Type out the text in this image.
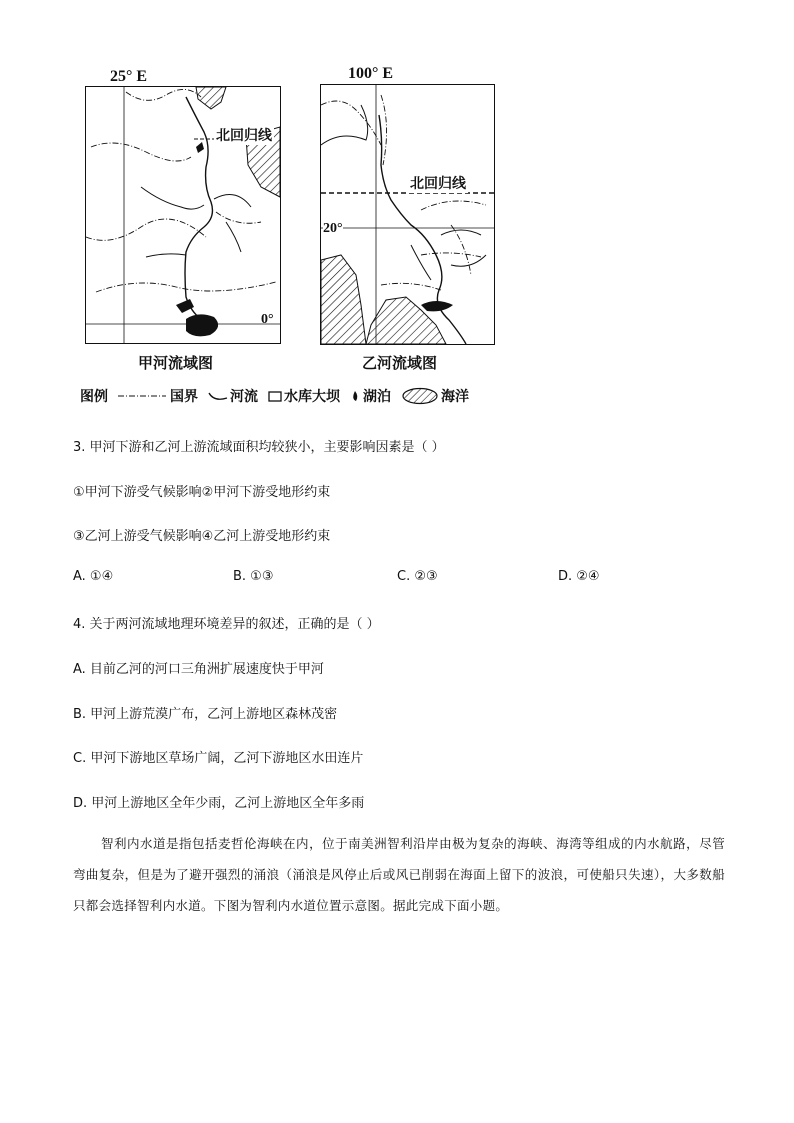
25° E
北回归线
0°
甲河流域图
100° E
北回归线
20°
乙河流域图
图例	国界 河流 水库大坝 湖泊	海洋
3. 甲河下游和乙河上游流域面积均较狭小，主要影响因素是（ ）
①甲河下游受气候影响②甲河下游受地形约束
③乙河上游受气候影响④乙河上游受地形约束
A. ①④	B. ①③	C. ②③	D. ②④
4. 关于两河流域地理环境差异的叙述，正确的是（ ）
A. 目前乙河的河口三角洲扩展速度快于甲河
B. 甲河上游荒漠广布，乙河上游地区森林茂密
C. 甲河下游地区草场广阔，乙河下游地区水田连片
D. 甲河上游地区全年少雨，乙河上游地区全年多雨
智利内水道是指包括麦哲伦海峡在内，位于南美洲智利沿岸由极为复杂的海峡、海湾等组成的内水航路，尽管弯曲复杂，但是为了避开强烈的涌浪（涌浪是风停止后或风已削弱在海面上留下的波浪，可使船只失速），大多数船只都会选择智利内水道。下图为智利内水道位置示意图。据此完成下面小题。
